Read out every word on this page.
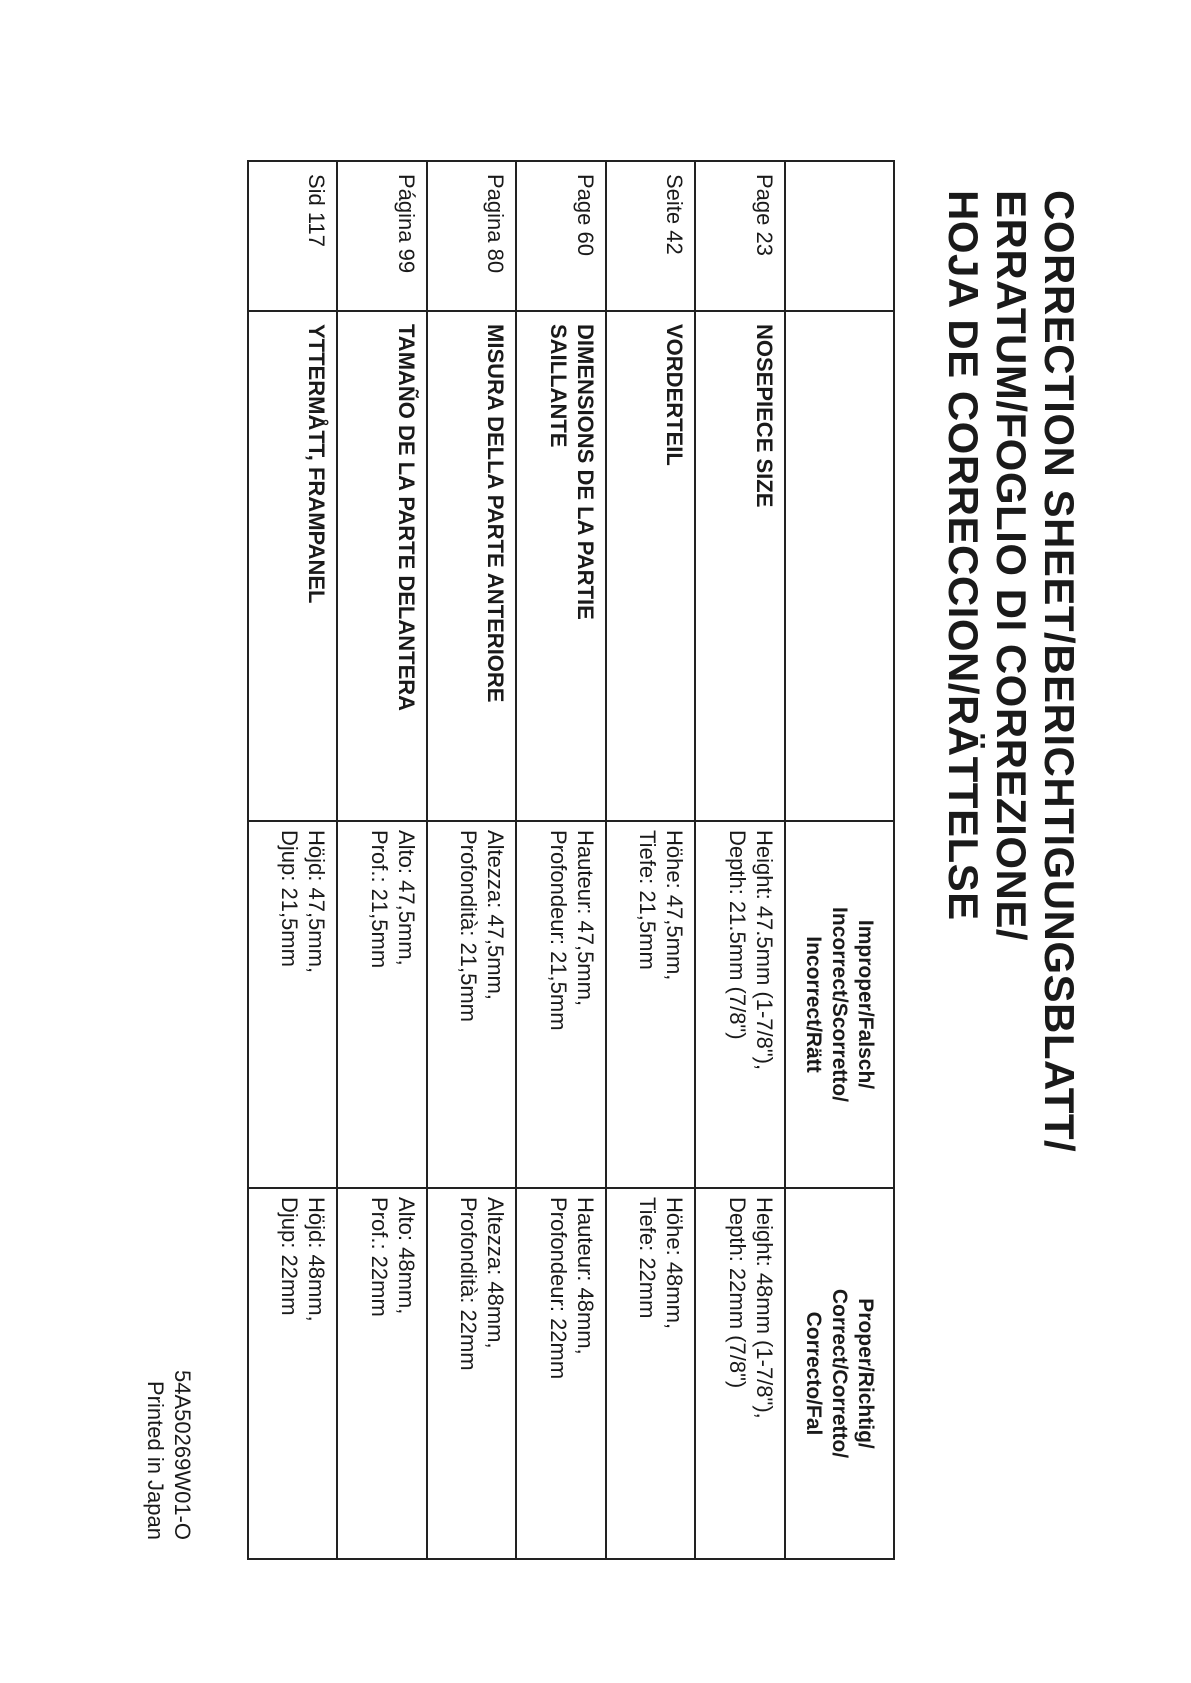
CORRECTION SHEET/BERICHTIGUNGSBLATT/
ERRATUM/FOGLIO DI CORREZIONE/
HOJA DE CORRECCION/RÄTTELSE

		Improper/Falsch/
Incorrect/Scorretto/
Incorrect/Rätt	Proper/Richtig/
Correct/Corretto/
Correcto/Fal

Page 23	NOSEPIECE SIZE	Height: 47.5mm (1-7/8"),
Depth: 21.5mm (7/8")	Height: 48mm (1-7/8"),
Depth: 22mm (7/8")

Seite 42	VORDERTEIL	Höhe: 47,5mm,
Tiefe: 21,5mm	Höhe: 48mm,
Tiefe: 22mm

Page 60	DIMENSIONS DE LA PARTIE
SAILLANTE	Hauteur: 47,5mm,
Profondeur: 21,5mm	Hauteur: 48mm,
Profondeur: 22mm

Pagina 80	MISURA DELLA PARTE ANTERIORE	Altezza: 47,5mm,
Profondità: 21,5mm	Altezza: 48mm,
Profondità: 22mm

Página 99	TAMAÑO DE LA PARTE DELANTERA	Alto: 47,5mm,
Prof.: 21,5mm	Alto: 48mm,
Prof.: 22mm

Sid 117	YTTERMÅTT, FRAMPANEL	Höjd: 47,5mm,
Djup: 21,5mm	Höjd: 48mm,
Djup: 22mm
54A50269W01-O
Printed in Japan
